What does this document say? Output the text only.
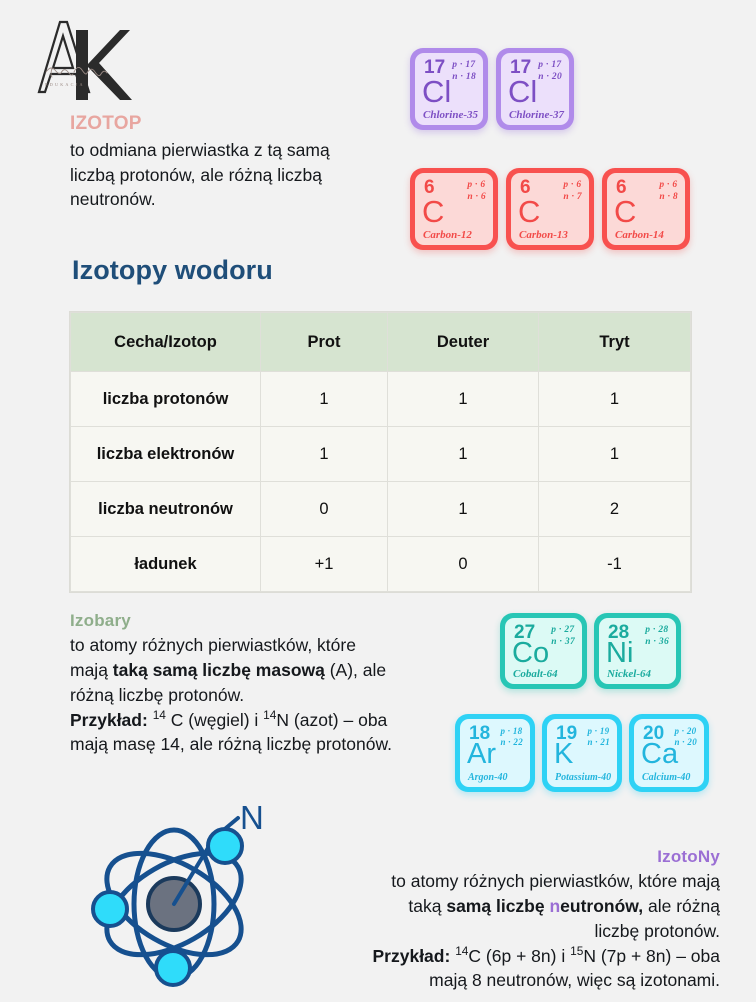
EDUKACJA
IZOTOP

to odmiana pierwiastka z tą samą
liczbą protonów, ale różną liczbą
neutronów.

17 p · 17
n · 18
Cl
Chlorine-35
17 p · 17
n · 20
Cl
Chlorine-37
6	p · 6
n · 6
C
Carbon-12
6	p · 6
n · 7
C
Carbon-13
6	p · 6
n · 8
C
Carbon-14
Izotopy wodoru
Cecha/Izotop	Prot	Deuter	Tryt
liczba protonów	1	1	1
liczba elektronów	1	1	1
liczba neutronów	0	1	2
ładunek	+1	0	-1
Izobary

to atomy różnych pierwiastków, które
mają taką samą liczbę masową (A), ale
różną liczbę protonów.
Przykład: $^{14}$ C (węgiel) i $^{14}$N (azot) – oba
mają masę 14, ale różną liczbę protonów.

27 p · 27
n · 37
Co
Cobalt-64
28 p · 28
n · 36
Ni
Nickel-64
18 p · 18
n · 22
Ar
Argon-40
19 p · 19
n · 21
K
Potassium-40
20 p · 20
n · 20
Ca
Calcium-40
N
IzotoNy

to atomy różnych pierwiastków, które mają
taką samą liczbę neutronów, ale różną
liczbę protonów.
Przykład: $^{14}$C (6p + 8n) i $^{15}$N (7p + 8n) – oba
mają 8 neutronów, więc są izotonami.
